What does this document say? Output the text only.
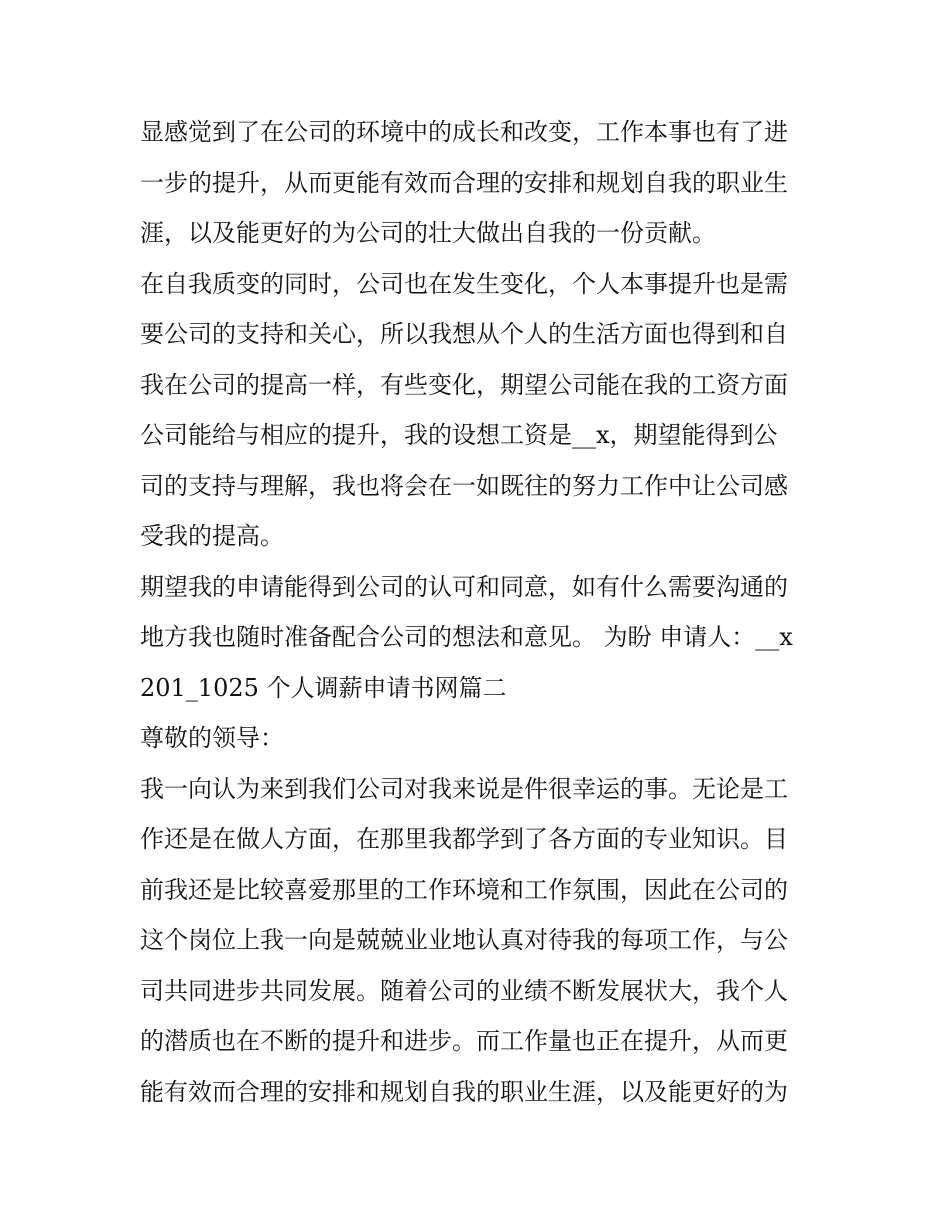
显感觉到了在公司的环境中的成长和改变，工作本事也有了进
一步的提升，从而更能有效而合理的安排和规划自我的职业生
涯，以及能更好的为公司的壮大做出自我的一份贡献。
在自我质变的同时，公司也在发生变化，个人本事提升也是需
要公司的支持和关心，所以我想从个人的生活方面也得到和自
我在公司的提高一样，有些变化，期望公司能在我的工资方面
公司能给与相应的提升，我的设想工资是__x，期望能得到公
司的支持与理解，我也将会在一如既往的努力工作中让公司感
受我的提高。
期望我的申请能得到公司的认可和同意，如有什么需要沟通的
地方我也随时准备配合公司的想法和意见。 为盼 申请人：__x
201_1025 个人调薪申请书网篇二
尊敬的领导：
我一向认为来到我们公司对我来说是件很幸运的事。无论是工
作还是在做人方面，在那里我都学到了各方面的专业知识。目
前我还是比较喜爱那里的工作环境和工作氛围，因此在公司的
这个岗位上我一向是兢兢业业地认真对待我的每项工作，与公
司共同进步共同发展。随着公司的业绩不断发展状大，我个人
的潜质也在不断的提升和进步。而工作量也正在提升，从而更
能有效而合理的安排和规划自我的职业生涯，以及能更好的为
